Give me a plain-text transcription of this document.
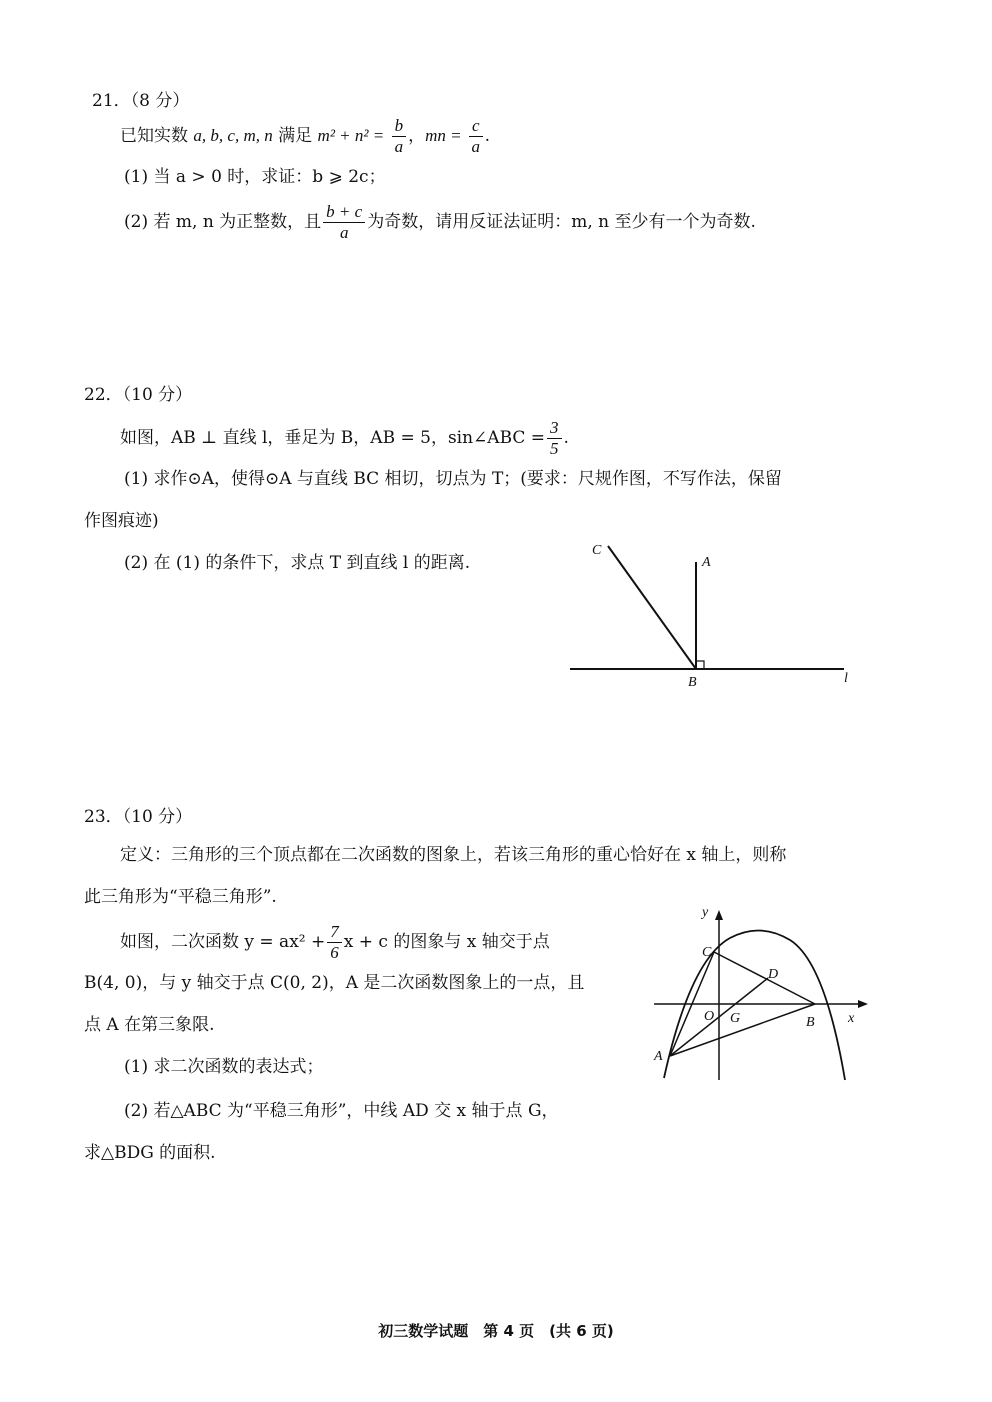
21．（8 分）
已知实数 a, b, c, m, n 满足 $m^2 + n^2 = \frac{b}{a}$ ，mn = $\frac{c}{a}$ .
(1) 当 a > 0 时，求证：b ⩾ 2c；
(2) 若 m, n 为正整数，且 $\frac{b + c}{a}$ 为奇数，请用反证法证明：m, n 至少有一个为奇数.
22．（10 分）
如图，AB ⊥ 直线 l，垂足为 B，AB = 5，sin∠ABC = $\frac{3}{5}$ .
(1) 求作⊙A，使得⊙A 与直线 BC 相切，切点为 T；(要求：尺规作图，不写作法，保留
作图痕迹)
(2) 在 (1) 的条件下，求点 T 到直线 l 的距离.
C
A
B	l
23．（10 分）
定义：三角形的三个顶点都在二次函数的图象上，若该三角形的重心恰好在 x 轴上，则称
此三角形为“平稳三角形”.
如图，二次函数 $y = ax^2 + \frac{7}{6}$ x + c 的图象与 x 轴交于点
B(4, 0)，与 y 轴交于点 C(0, 2)，A 是二次函数图象上的一点，且
点 A 在第三象限.
(1) 求二次函数的表达式；
(2) 若△ABC 为“平稳三角形”，中线 AD 交 x 轴于点 G，
求△BDG 的面积.
y
x
C
D
O G	B
A
初三数学试题　第 4 页　(共 6 页)
